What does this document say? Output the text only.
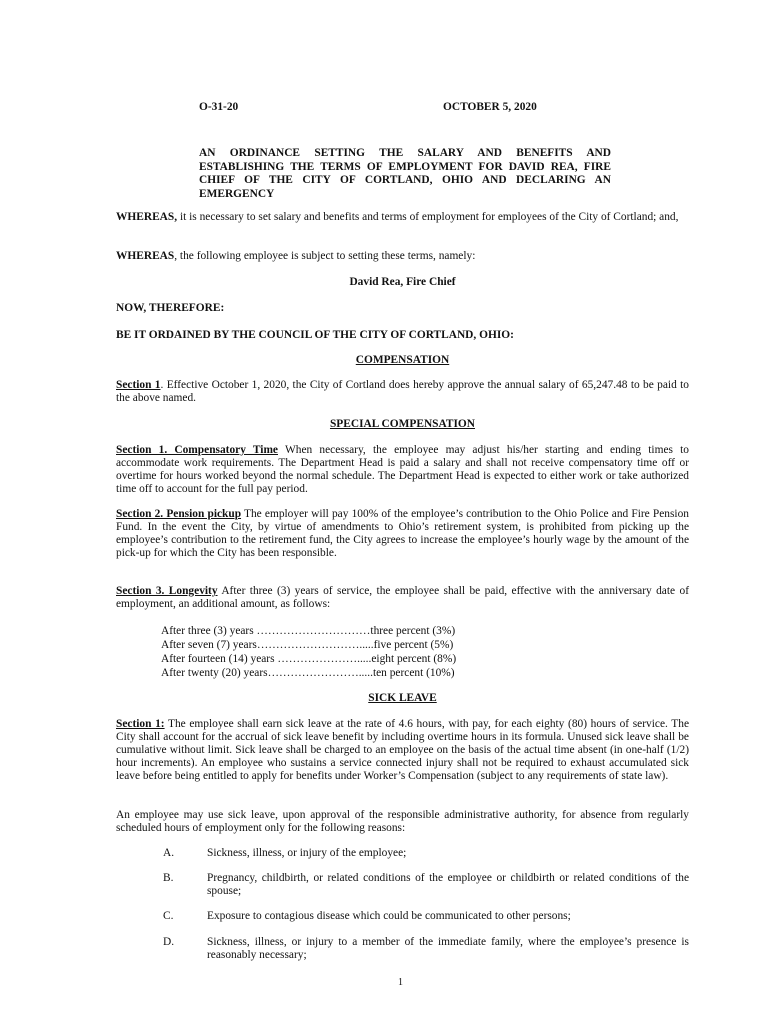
O-31-20	OCTOBER 5, 2020
AN ORDINANCE SETTING THE SALARY AND BENEFITS AND ESTABLISHING THE TERMS OF EMPLOYMENT FOR DAVID REA, FIRE CHIEF OF THE CITY OF CORTLAND, OHIO AND DECLARING AN EMERGENCY
WHEREAS, it is necessary to set salary and benefits and terms of employment for employees of the City of Cortland; and,
WHEREAS, the following employee is subject to setting these terms, namely:
David Rea, Fire Chief
NOW, THEREFORE:
BE IT ORDAINED BY THE COUNCIL OF THE CITY OF CORTLAND, OHIO:
COMPENSATION
Section 1. Effective October 1, 2020, the City of Cortland does hereby approve the annual salary of 65,247.48 to be paid to the above named.
SPECIAL COMPENSATION
Section 1. Compensatory Time When necessary, the employee may adjust his/her starting and ending times to accommodate work requirements. The Department Head is paid a salary and shall not receive compensatory time off or overtime for hours worked beyond the normal schedule. The Department Head is expected to either work or take authorized time off to account for the full pay period.
Section 2. Pension pickup The employer will pay 100% of the employee’s contribution to the Ohio Police and Fire Pension Fund. In the event the City, by virtue of amendments to Ohio’s retirement system, is prohibited from picking up the employee’s contribution to the retirement fund, the City agrees to increase the employee’s hourly wage by the amount of the pick-up for which the City has been responsible.
Section 3. Longevity After three (3) years of service, the employee shall be paid, effective with the anniversary date of employment, an additional amount, as follows:
After three (3) years …………………………three percent (3%)
After seven (7) years……………………….....five percent (5%)
After fourteen (14) years ………………….....eight percent (8%)
After twenty (20) years…………………….....ten percent (10%)
SICK LEAVE
Section 1: The employee shall earn sick leave at the rate of 4.6 hours, with pay, for each eighty (80) hours of service. The City shall account for the accrual of sick leave benefit by including overtime hours in its formula. Unused sick leave shall be cumulative without limit. Sick leave shall be charged to an employee on the basis of the actual time absent (in one-half (1/2) hour increments). An employee who sustains a service connected injury shall not be required to exhaust accumulated sick leave before being entitled to apply for benefits under Worker’s Compensation (subject to any requirements of state law).
An employee may use sick leave, upon approval of the responsible administrative authority, for absence from regularly scheduled hours of employment only for the following reasons:
A.	Sickness, illness, or injury of the employee;
B.	Pregnancy, childbirth, or related conditions of the employee or childbirth or related conditions of the spouse;
C.	Exposure to contagious disease which could be communicated to other persons;
D.	Sickness, illness, or injury to a member of the immediate family, where the employee’s presence is reasonably necessary;
1
